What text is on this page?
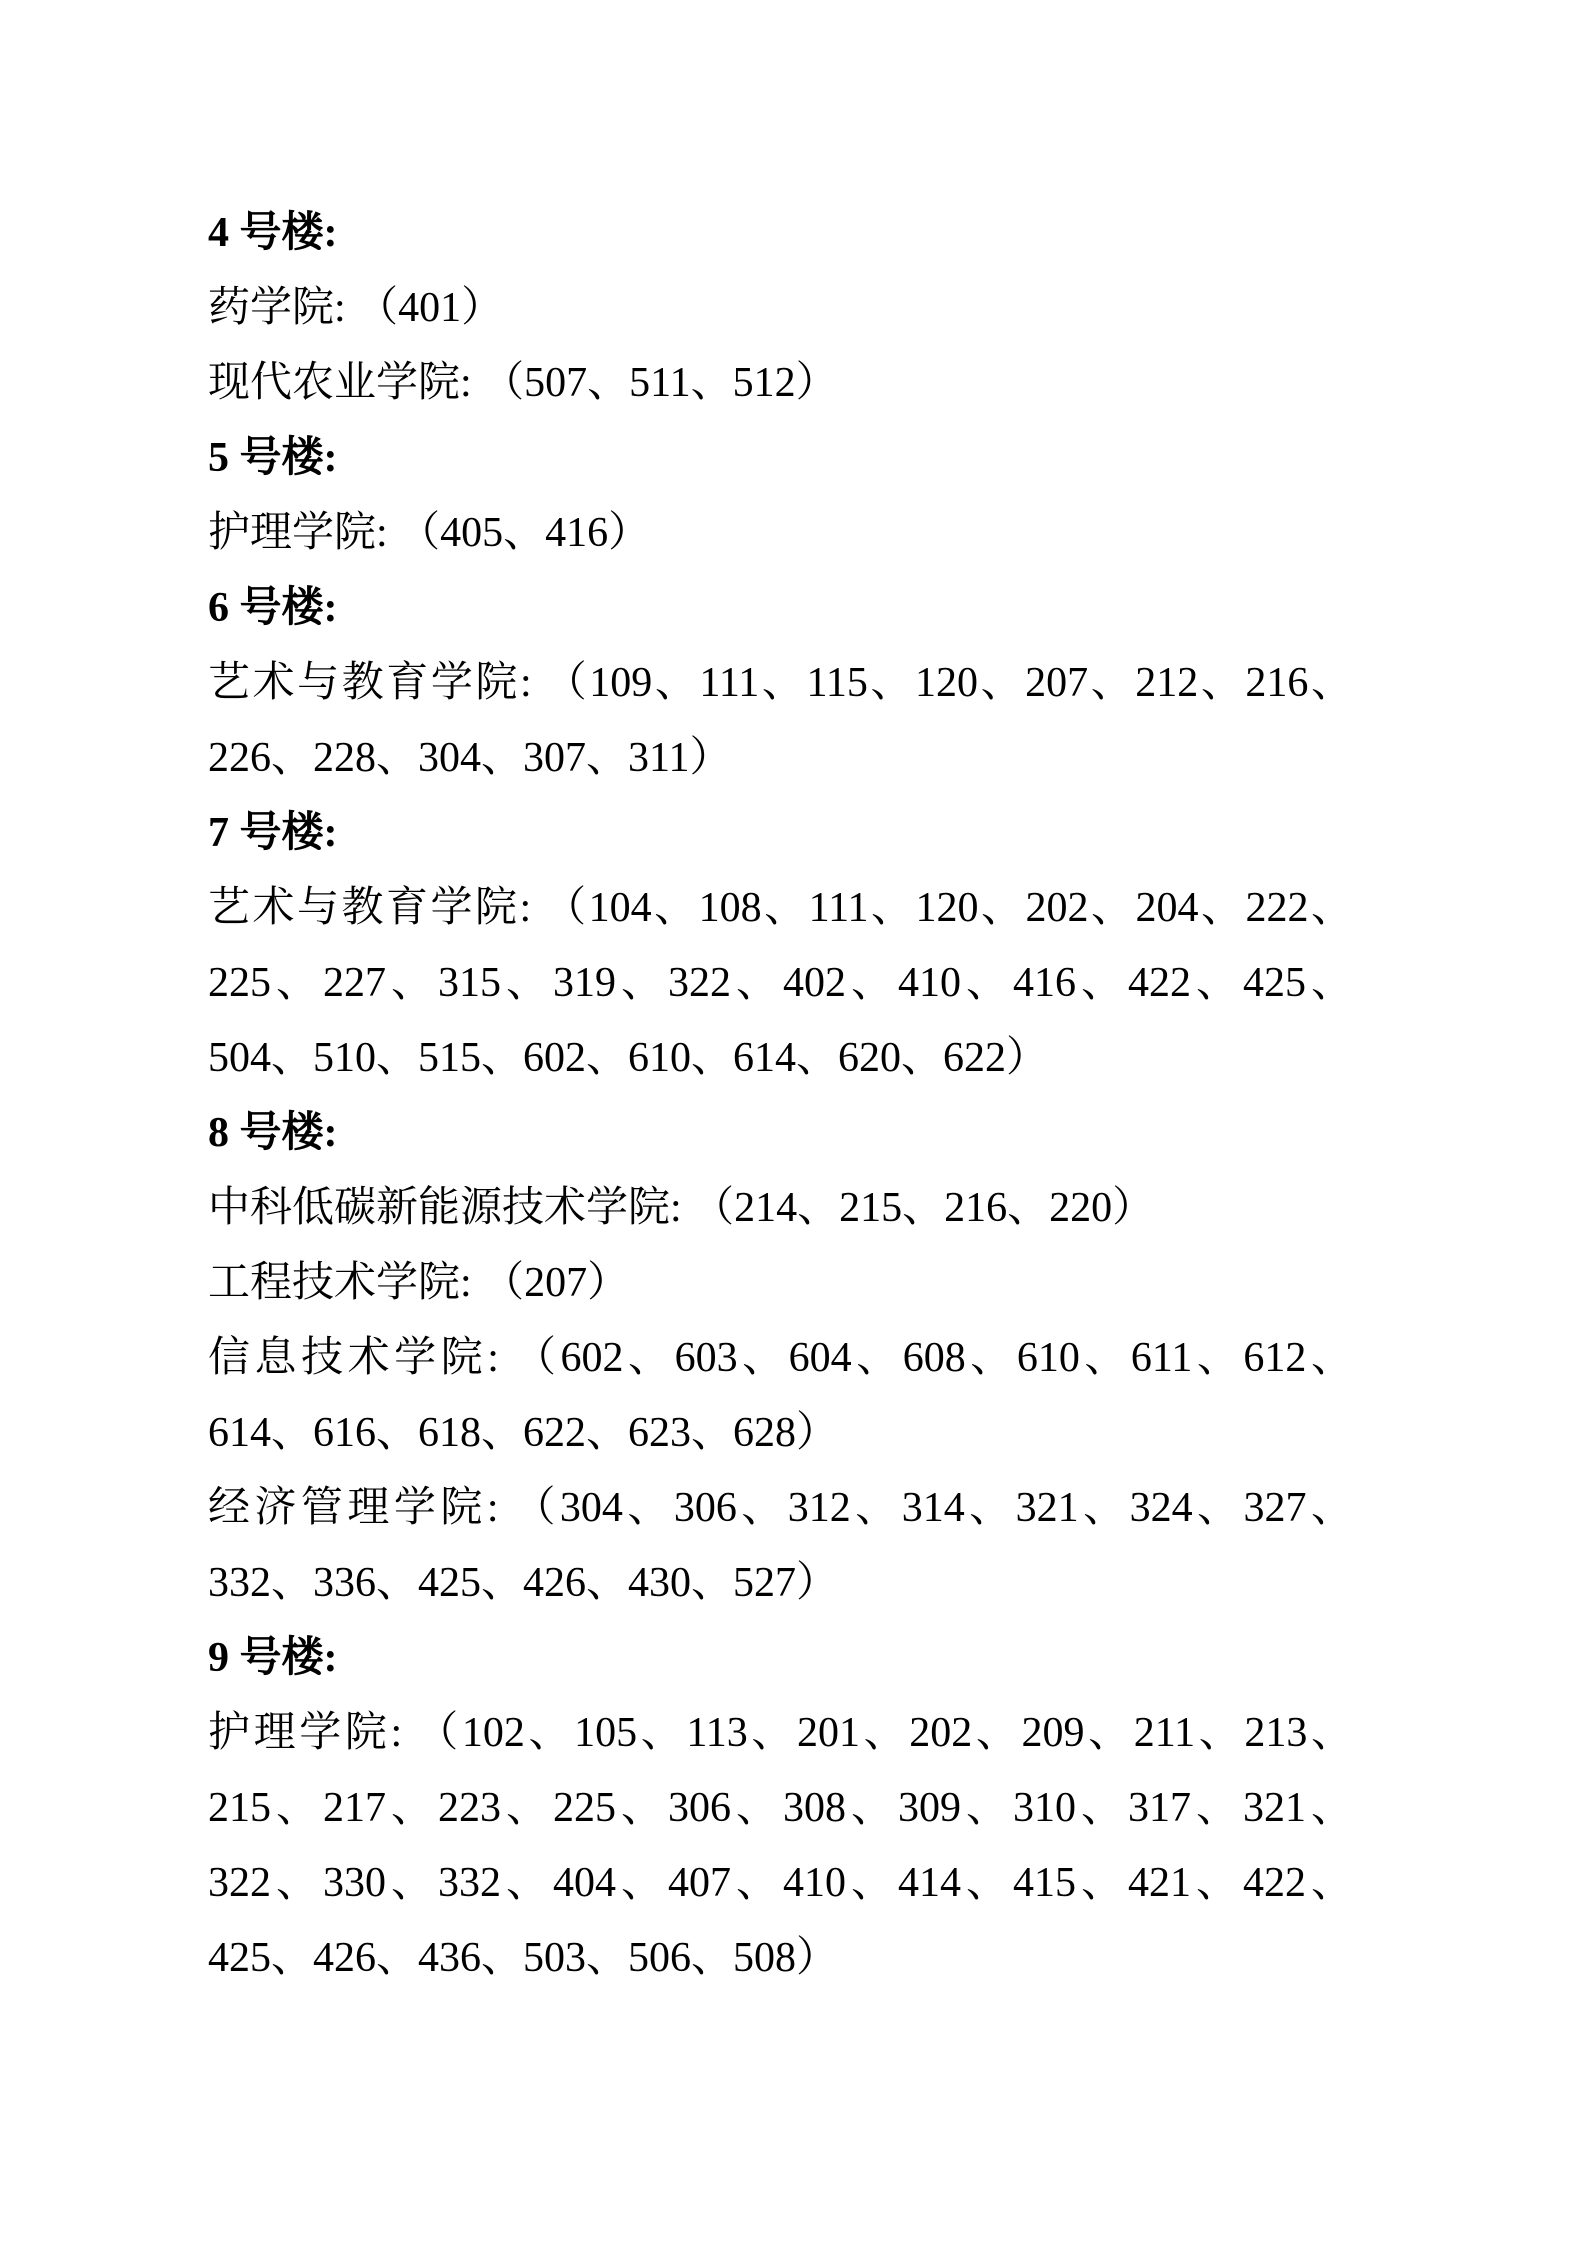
4 号楼:

药学院: （401）

现代农业学院: （507、511、512）

5 号楼:

护理学院: （405、416）

6 号楼:

艺术与教育学院: （109、111、115、120、207、212、216、226、228、304、307、311）

7 号楼:

艺术与教育学院: （104、108、111、120、202、204、222、225、227、315、319、322、402、410、416、422、425、504、510、515、602、610、614、620、622）

8 号楼:

中科低碳新能源技术学院: （214、215、216、220）

工程技术学院: （207）

信息技术学院: （602、603、604、608、610、611、612、614、616、618、622、623、628）

经济管理学院: （304、306、312、314、321、324、327、332、336、425、426、430、527）

9 号楼:

护理学院: （102、105、113、201、202、209、211、213、215、217、223、225、306、308、309、310、317、321、322、330、332、404、407、410、414、415、421、422、425、426、436、503、506、508）
